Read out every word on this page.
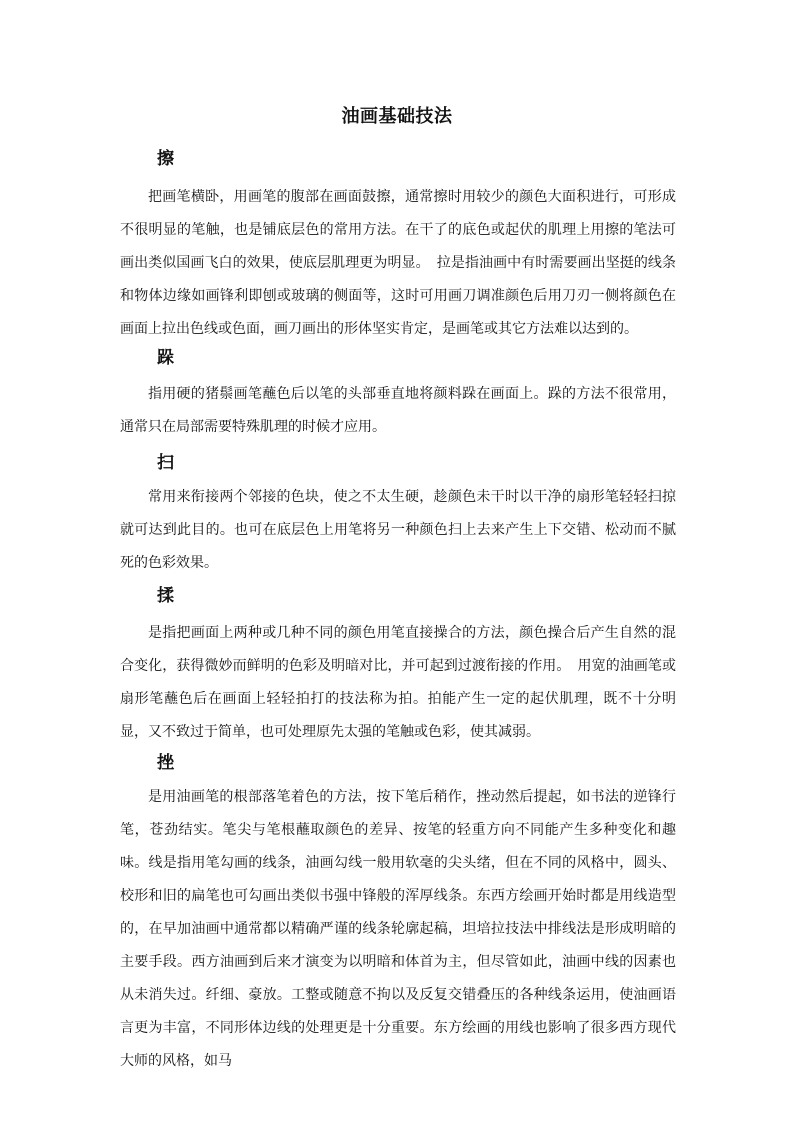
油画基础技法
擦
把画笔横卧，用画笔的腹部在画面鼓擦，通常擦时用较少的颜色大面积进行，可形成不很明显的笔触，也是铺底层色的常用方法。在干了的底色或起伏的肌理上用擦的笔法可画出类似国画飞白的效果，使底层肌理更为明显。　拉是指油画中有时需要画出坚挺的线条和物体边缘如画锋利即刨或玻璃的侧面等，这时可用画刀调准颜色后用刀刃一侧将颜色在画面上拉出色线或色面，画刀画出的形体坚实肯定，是画笔或其它方法难以达到的。
跺
指用硬的猪鬃画笔蘸色后以笔的头部垂直地将颜料跺在画面上。跺的方法不很常用，通常只在局部需要特殊肌理的时候才应用。
扫
常用来衔接两个邻接的色块，使之不太生硬，趁颜色未干时以干净的扇形笔轻轻扫掠就可达到此目的。也可在底层色上用笔将另一种颜色扫上去来产生上下交错、松动而不腻死的色彩效果。
揉
是指把画面上两种或几种不同的颜色用笔直接操合的方法，颜色操合后产生自然的混合变化，获得微妙而鲜明的色彩及明暗对比，并可起到过渡衔接的作用。　用宽的油画笔或扇形笔蘸色后在画面上轻轻拍打的技法称为拍。拍能产生一定的起伏肌理，既不十分明显，又不致过于简单，也可处理原先太强的笔触或色彩，使其减弱。
挫
是用油画笔的根部落笔着色的方法，按下笔后稍作，挫动然后提起，如书法的逆锋行笔，苍劲结实。笔尖与笔根蘸取颜色的差异、按笔的轻重方向不同能产生多种变化和趣味。线是指用笔勾画的线条，油画勾线一般用软毫的尖头绪，但在不同的风格中，圆头、校形和旧的扁笔也可勾画出类似书强中锋般的浑厚线条。东西方绘画开始时都是用线造型的，在早加油画中通常都以精确严谨的线条轮廓起稿，坦培拉技法中排线法是形成明暗的主要手段。西方油画到后来才演变为以明暗和体首为主，但尽管如此，油画中线的因素也从未消失过。纤细、豪放。工整或随意不拘以及反复交错叠压的各种线条运用，使油画语言更为丰富，不同形体边线的处理更是十分重要。东方绘画的用线也影响了很多西方现代大师的风格，如马
